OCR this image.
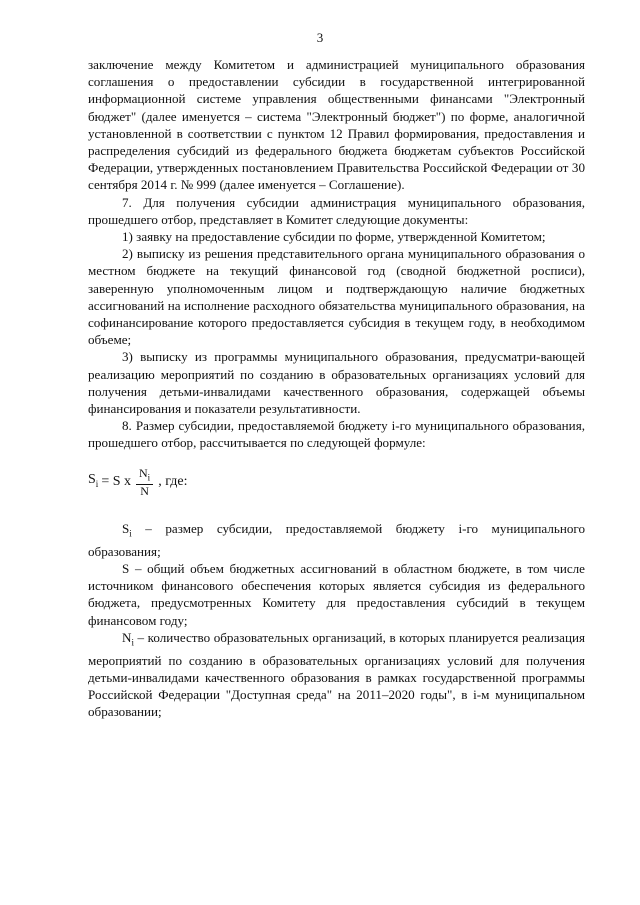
3

заключение между Комитетом и администрацией муниципального образования соглашения о предоставлении субсидии в государственной интегрированной информационной системе управления общественными финансами "Электронный бюджет" (далее именуется – система "Электронный бюджет") по форме, аналогичной установленной в соответствии с пунктом 12 Правил формирования, предоставления и распределения субсидий из федерального бюджета бюджетам субъектов Российской Федерации, утвержденных постановлением Правительства Российской Федерации от 30 сентября 2014 г. № 999 (далее именуется – Соглашение).

7. Для получения субсидии администрация муниципального образования, прошедшего отбор, представляет в Комитет следующие документы:

1) заявку на предоставление субсидии по форме, утвержденной Комитетом;

2) выписку из решения представительного органа муниципального образования о местном бюджете на текущий финансовой год (сводной бюджетной росписи), заверенную уполномоченным лицом и подтверждающую наличие бюджетных ассигнований на исполнение расходного обязательства муниципального образования, на софинансирование которого предоставляется субсидия в текущем году, в необходимом объеме;

3) выписку из программы муниципального образования, предусматри-вающей реализацию мероприятий по созданию в образовательных организациях условий для получения детьми-инвалидами качественного образования, содержащей объемы финансирования и показатели результативности.

8. Размер субсидии, предоставляемой бюджету i-го муниципального образования, прошедшего отбор, рассчитывается по следующей формуле:

$S_i = S$ x $\frac{N_i}{N}$ , где:

$S_i$ – размер субсидии, предоставляемой бюджету i-го муниципального образования;

S – общий объем бюджетных ассигнований в областном бюджете, в том числе источником финансового обеспечения которых является субсидия из федерального бюджета, предусмотренных Комитету для предоставления субсидий в текущем финансовом году;

$N_i$ – количество образовательных организаций, в которых планируется реализация мероприятий по созданию в образовательных организациях условий для получения детьми-инвалидами качественного образования в рамках государственной программы Российской Федерации "Доступная среда" на 2011–2020 годы", в i-м муниципальном образовании;
